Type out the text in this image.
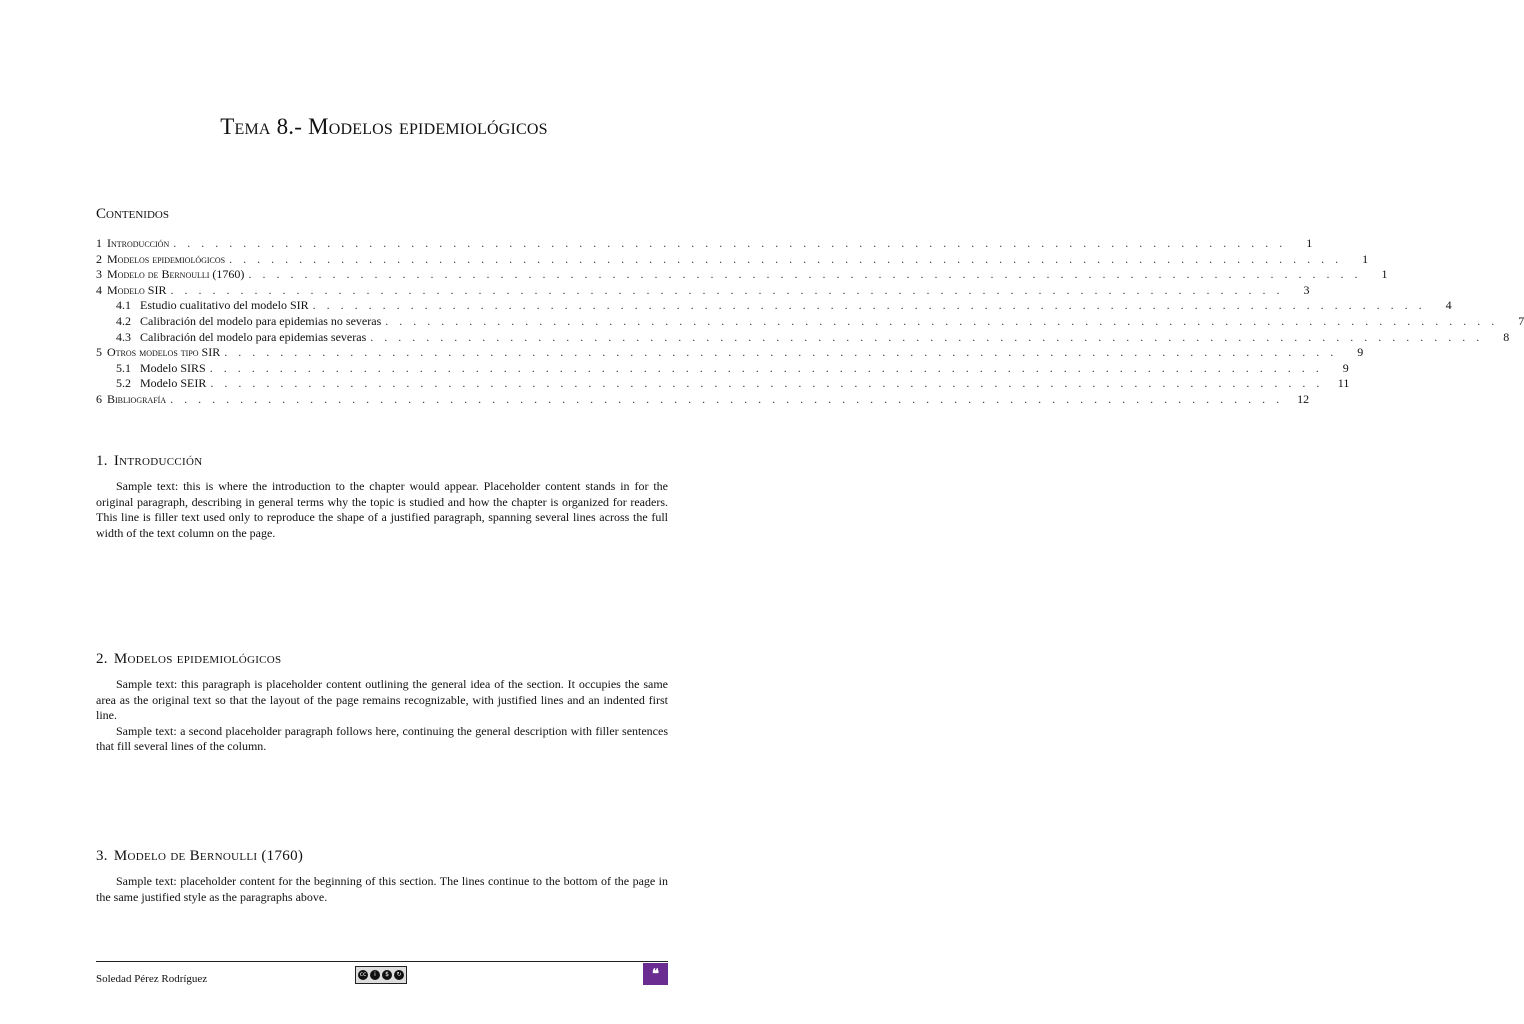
Tema 8.- Modelos epidemiológicos
Contenidos
1 Introducción . . . . . . . . . . . . . . . . . . . . . . . . . . . . . . . . . . . . . . . . . . . . . . . . . . . . . . . . . . . . . . . . . . . . . . . . . . . . . . . .	1
2 Modelos epidemiológicos . . . . . . . . . . . . . . . . . . . . . . . . . . . . . . . . . . . . . . . . . . . . . . . . . . . . . . . . . . . . . . . . . . . . . . . . . . . . . . . .	1
3 Modelo de Bernoulli (1760) . . . . . . . . . . . . . . . . . . . . . . . . . . . . . . . . . . . . . . . . . . . . . . . . . . . . . . . . . . . . . . . . . . . . . . . . . . . . . . . .	1
4 Modelo SIR . . . . . . . . . . . . . . . . . . . . . . . . . . . . . . . . . . . . . . . . . . . . . . . . . . . . . . . . . . . . . . . . . . . . . . . . . . . . . . . .	3
4.1 Estudio cualitativo del modelo SIR . . . . . . . . . . . . . . . . . . . . . . . . . . . . . . . . . . . . . . . . . . . . . . . . . . . . . . . . . . . . . . . . . . . . . . . . . . . . . . . .	4
4.2 Calibración del modelo para epidemias no severas . . . . . . . . . . . . . . . . . . . . . . . . . . . . . . . . . . . . . . . . . . . . . . . . . . . . . . . . . . . . . . . . . . . . . . . . . . . . . . . .	7
4.3 Calibración del modelo para epidemias severas . . . . . . . . . . . . . . . . . . . . . . . . . . . . . . . . . . . . . . . . . . . . . . . . . . . . . . . . . . . . . . . . . . . . . . . . . . . . . . . .	8
5 Otros modelos tipo SIR . . . . . . . . . . . . . . . . . . . . . . . . . . . . . . . . . . . . . . . . . . . . . . . . . . . . . . . . . . . . . . . . . . . . . . . . . . . . . . . .	9
5.1 Modelo SIRS . . . . . . . . . . . . . . . . . . . . . . . . . . . . . . . . . . . . . . . . . . . . . . . . . . . . . . . . . . . . . . . . . . . . . . . . . . . . . . . .	9
5.2 Modelo SEIR . . . . . . . . . . . . . . . . . . . . . . . . . . . . . . . . . . . . . . . . . . . . . . . . . . . . . . . . . . . . . . . . . . . . . . . . . . . . . . . .	11
6 Bibliografía . . . . . . . . . . . . . . . . . . . . . . . . . . . . . . . . . . . . . . . . . . . . . . . . . . . . . . . . . . . . . . . . . . . . . . . . . . . . . . . .	12
1. Introducción

Sample text: this is where the introduction to the chapter would appear. Placeholder content stands in for the original paragraph, describing in general terms why the topic is studied and how the chapter is organized for readers. This line is filler text used only to reproduce the shape of a justified paragraph, spanning several lines across the full width of the text column on the page.

2. Modelos epidemiológicos

Sample text: this paragraph is placeholder content outlining the general idea of the section. It occupies the same area as the original text so that the layout of the page remains recognizable, with justified lines and an indented first line.

Sample text: a second placeholder paragraph follows here, continuing the general description with filler sentences that fill several lines of the column.

3. Modelo de Bernoulli (1760)

Sample text: placeholder content for the beginning of this section. The lines continue to the bottom of the page in the same justified style as the paragraphs above.

Soledad Pérez Rodríguez	cc	i	$	↻	❝
